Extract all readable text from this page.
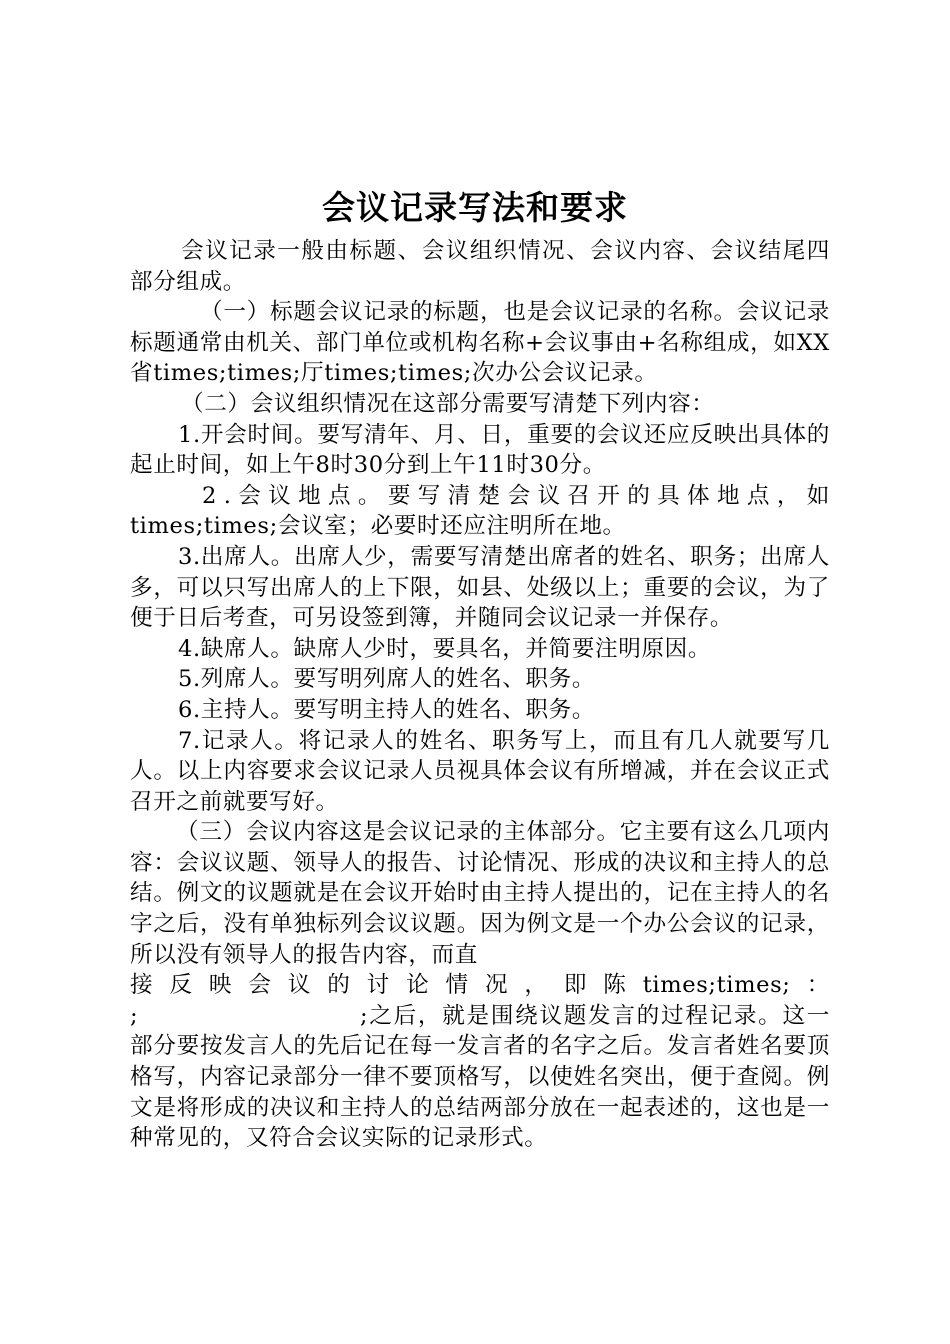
会议记录写法和要求

会议记录一般由标题、会议组织情况、会议内容、会议结尾四部分组成。

（一）标题会议记录的标题，也是会议记录的名称。会议记录标题通常由机关、部门单位或机构名称+会议事由+名称组成，如XX省times;times;厅times;times;次办公会议记录。

（二）会议组织情况在这部分需要写清楚下列内容：

1.开会时间。要写清年、月、日，重要的会议还应反映出具体的起止时间，如上午8时30分到上午11时30分。

2 . 会 议 地 点 。 要 写 清 楚 会 议 召 开 的 具 体 地 点 ， 如

times;times;会议室；必要时还应注明所在地。

3.出席人。出席人少，需要写清楚出席者的姓名、职务；出席人多，可以只写出席人的上下限，如县、处级以上；重要的会议，为了便于日后考查，可另设签到簿，并随同会议记录一并保存。

4.缺席人。缺席人少时，要具名，并简要注明原因。

5.列席人。要写明列席人的姓名、职务。

6.主持人。要写明主持人的姓名、职务。

7.记录人。将记录人的姓名、职务写上，而且有几人就要写几人。以上内容要求会议记录人员视具体会议有所增减，并在会议正式召开之前就要写好。

（三）会议内容这是会议记录的主体部分。它主要有这么几项内容：会议议题、领导人的报告、讨论情况、形成的决议和主持人的总结。例文的议题就是在会议开始时由主持人提出的，记在主持人的名字之后，没有单独标列会议议题。因为例文是一个办公会议的记录，所以没有领导人的报告内容，而直

接 反 映 会 议 的 讨 论 情 况 ， 即 陈 times;times; ：

;	;之后，就是围绕议题发言的过程记录。这一部分要按发言人的先后记在每一发言者的名字之后。发言者姓名要顶格写，内容记录部分一律不要顶格写，以使姓名突出，便于查阅。例文是将形成的决议和主持人的总结两部分放在一起表述的，这也是一种常见的，又符合会议实际的记录形式。
